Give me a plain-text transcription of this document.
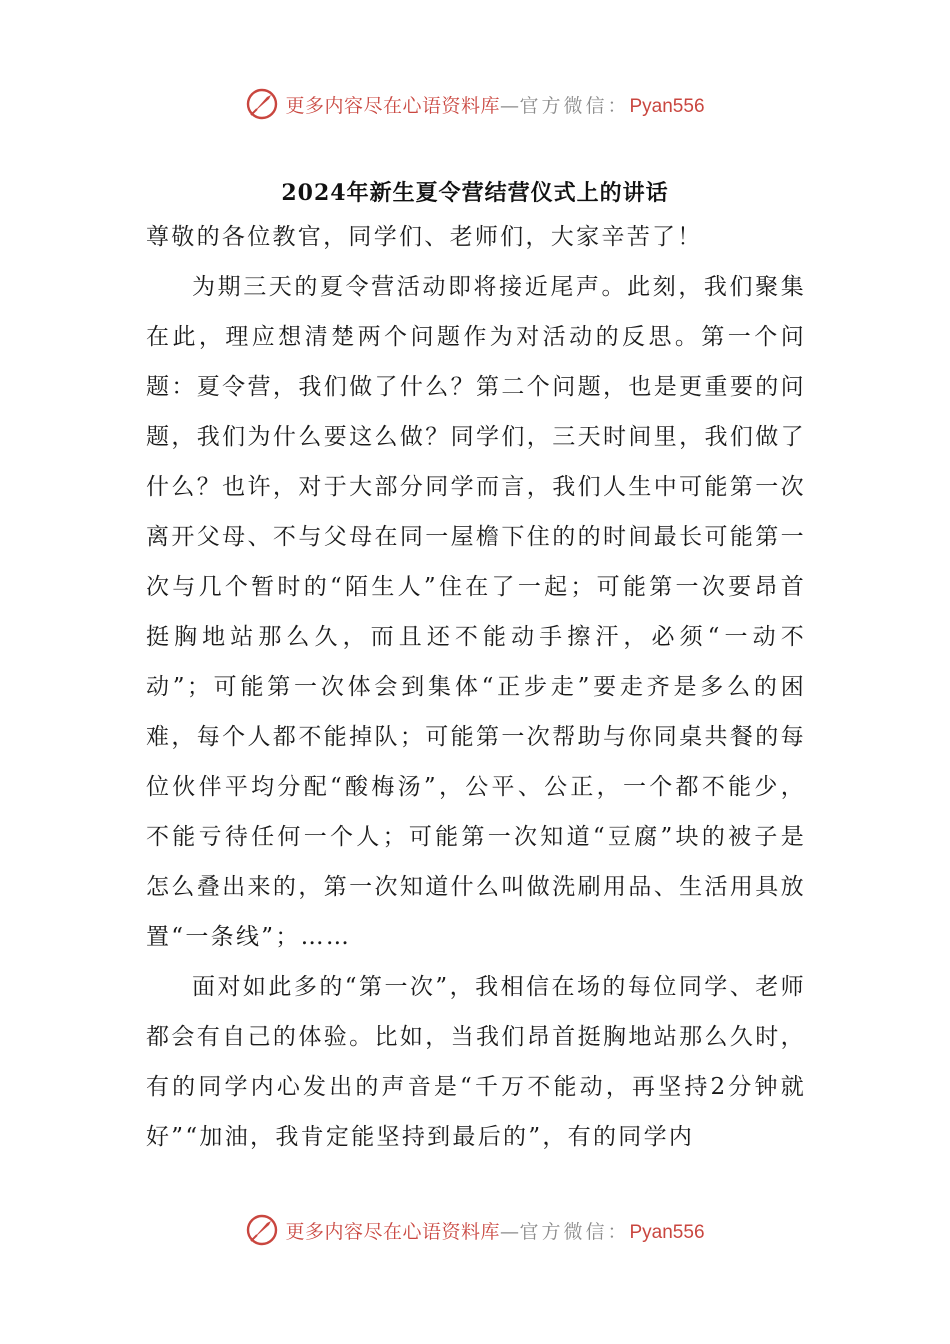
更多内容尽在心语资料库—官方微信：Pyan556
2024年新生夏令营结营仪式上的讲话

尊敬的各位教官，同学们、老师们，大家辛苦了！

为期三天的夏令营活动即将接近尾声。此刻，我们聚集在此，理应想清楚两个问题作为对活动的反思。第一个问题：夏令营，我们做了什么？第二个问题，也是更重要的问题，我们为什么要这么做？同学们，三天时间里，我们做了什么？也许，对于大部分同学而言，我们人生中可能第一次离开父母、不与父母在同一屋檐下住的的时间最长可能第一次与几个暂时的“陌生人”住在了一起；可能第一次要昂首挺胸地站那么久，而且还不能动手擦汗，必须“一动不动”；可能第一次体会到集体“正步走”要走齐是多么的困难，每个人都不能掉队；可能第一次帮助与你同桌共餐的每位伙伴平均分配“酸梅汤”，公平、公正，一个都不能少，不能亏待任何一个人；可能第一次知道“豆腐”块的被子是怎么叠出来的，第一次知道什么叫做洗刷用品、生活用具放置“一条线”；……

面对如此多的“第一次”，我相信在场的每位同学、老师都会有自己的体验。比如，当我们昂首挺胸地站那么久时，有的同学内心发出的声音是“千万不能动，再坚持2分钟就好”“加油，我肯定能坚持到最后的”，有的同学内

更多内容尽在心语资料库—官方微信：Pyan556
